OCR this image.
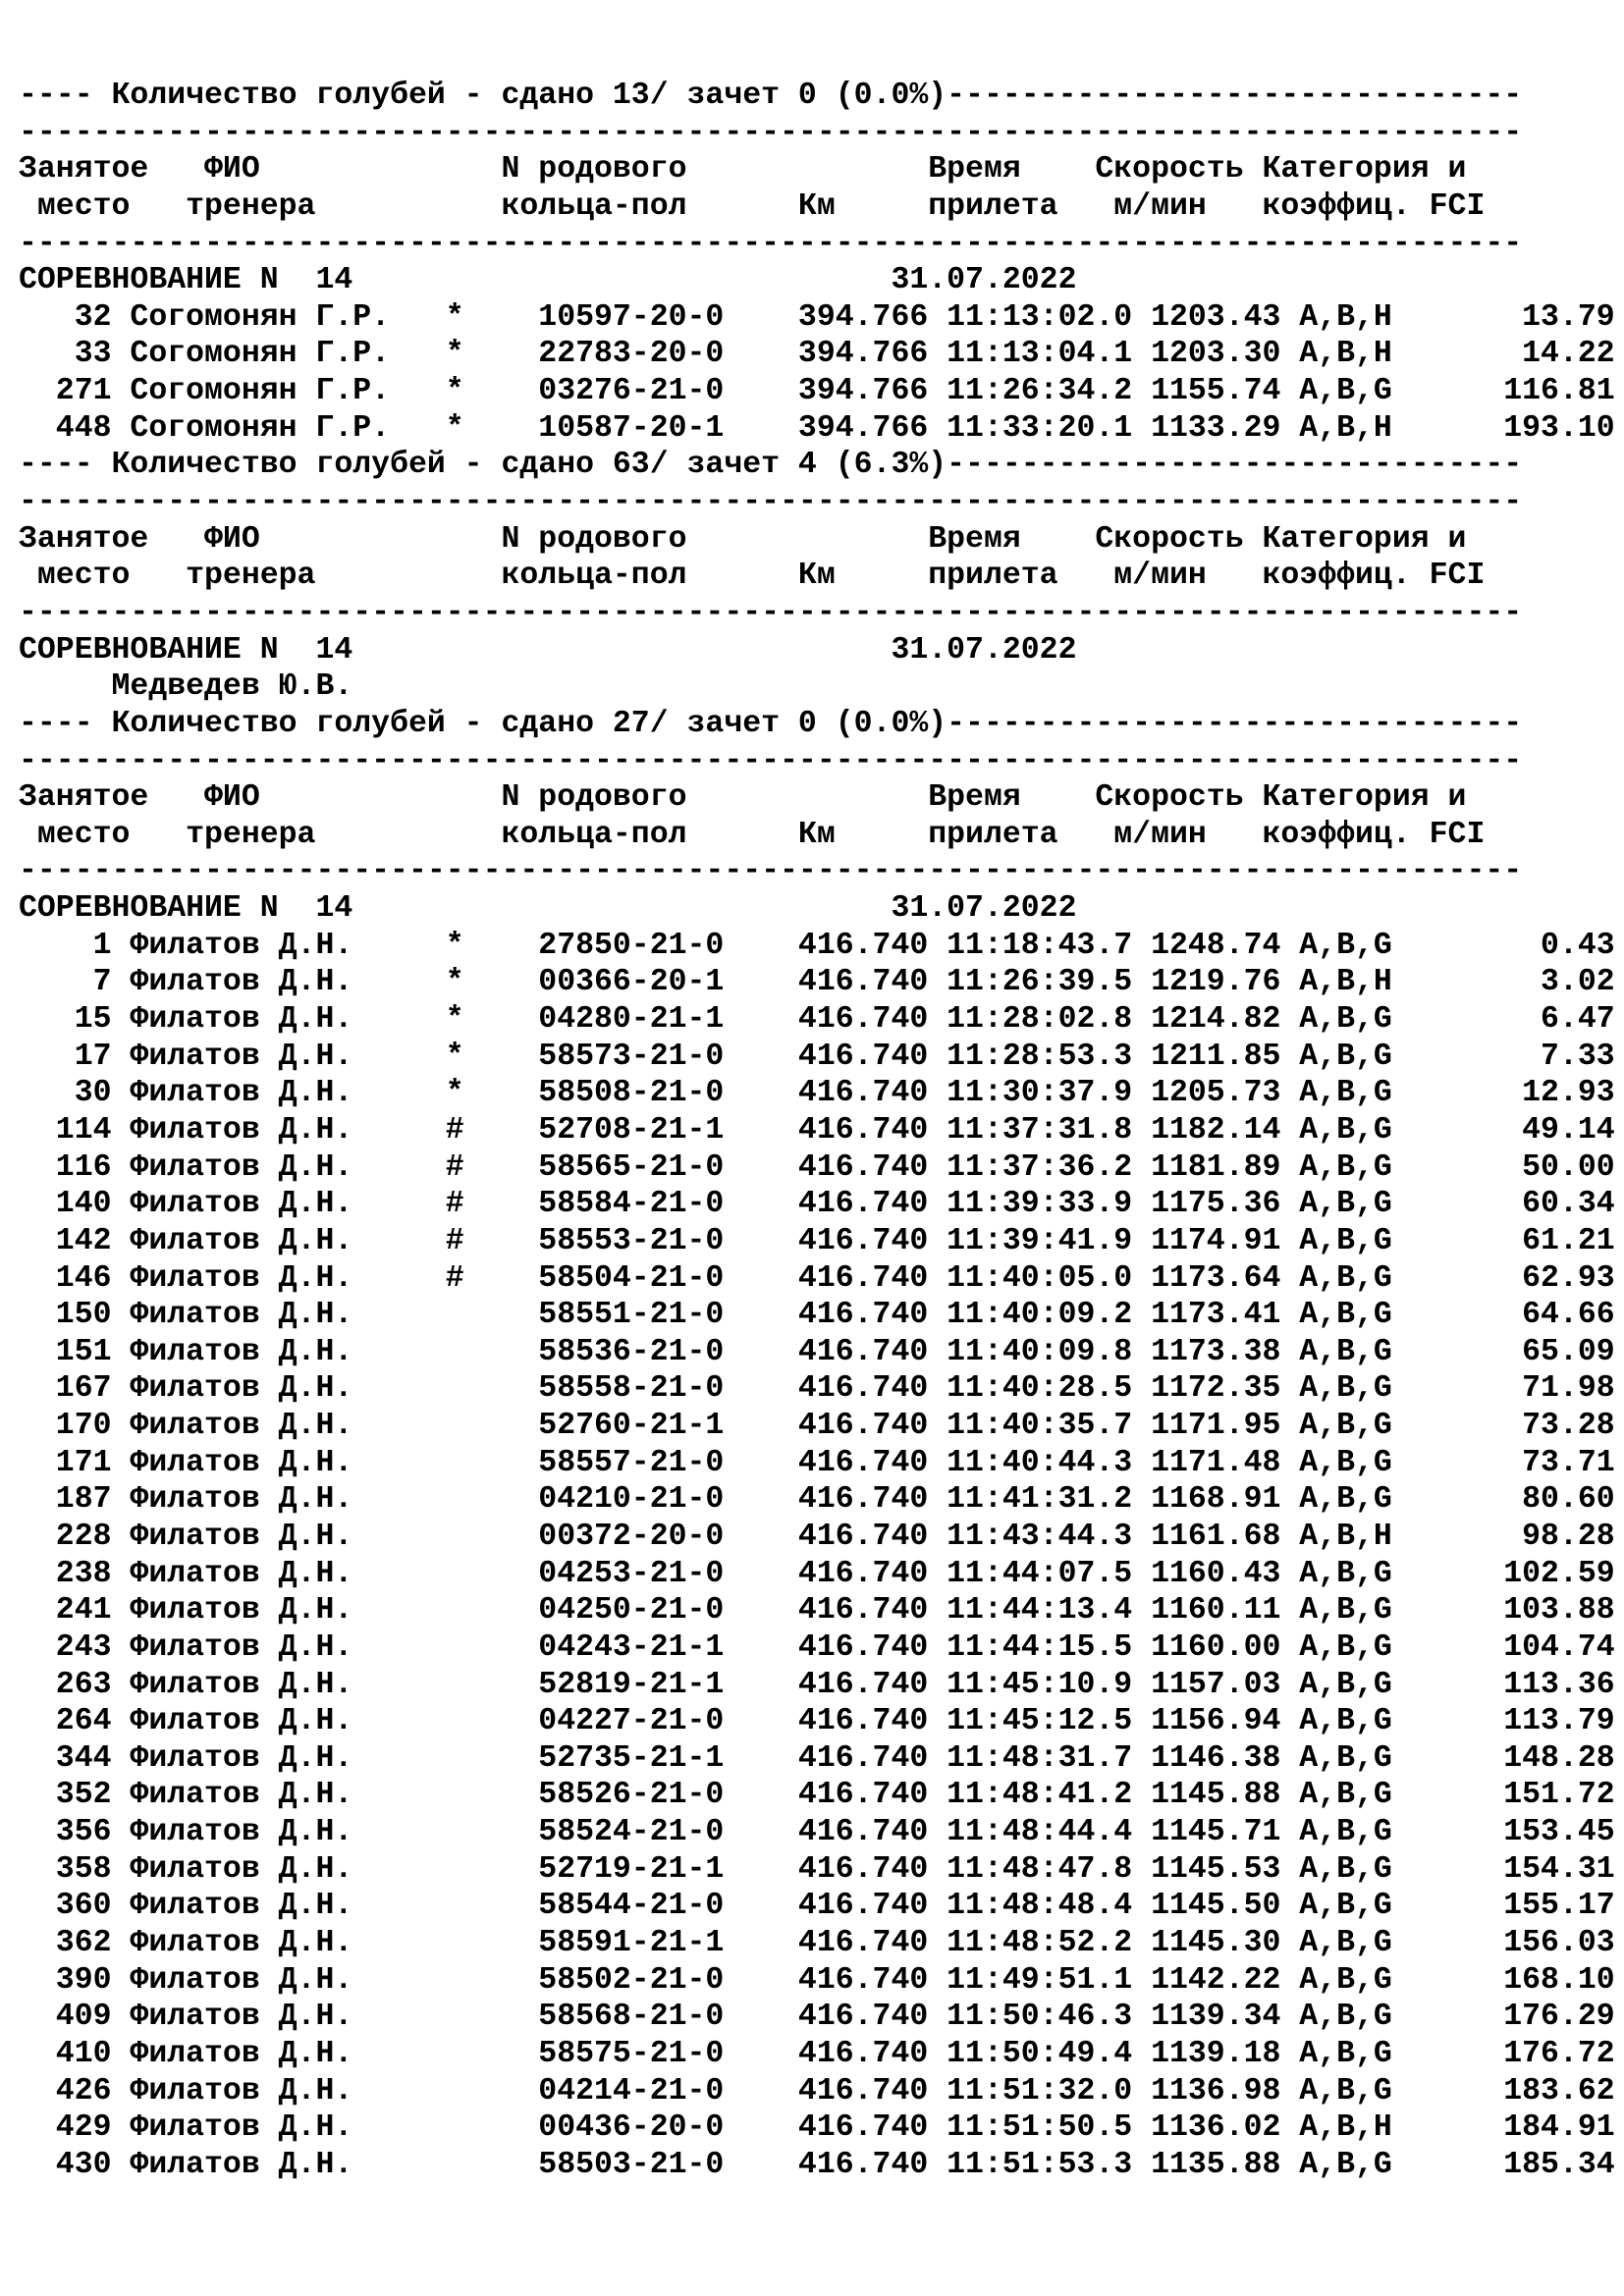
---- Количество голубей - сдано 13/ зачет 0 (0.0%)-------------------------------
---------------------------------------------------------------------------------
Занятое   ФИО             N родового             Время    Скорость Категория и
место   тренера          кольца-пол      Км     прилета   м/мин   коэффиц. FCI
---------------------------------------------------------------------------------
СОРЕВНОВАНИЕ N  14                             31.07.2022
32 Согомонян Г.Р.   *    10597-20-0    394.766 11:13:02.0 1203.43 A,B,H       13.79
33 Согомонян Г.Р.   *    22783-20-0    394.766 11:13:04.1 1203.30 A,B,H       14.22
271 Согомонян Г.Р.   *    03276-21-0    394.766 11:26:34.2 1155.74 A,B,G      116.81
448 Согомонян Г.Р.   *    10587-20-1    394.766 11:33:20.1 1133.29 A,B,H      193.10
---- Количество голубей - сдано 63/ зачет 4 (6.3%)-------------------------------
---------------------------------------------------------------------------------
Занятое   ФИО             N родового             Время    Скорость Категория и
место   тренера          кольца-пол      Км     прилета   м/мин   коэффиц. FCI
---------------------------------------------------------------------------------
СОРЕВНОВАНИЕ N  14                             31.07.2022
Медведев Ю.В.
---- Количество голубей - сдано 27/ зачет 0 (0.0%)-------------------------------
---------------------------------------------------------------------------------
Занятое   ФИО             N родового             Время    Скорость Категория и
место   тренера          кольца-пол      Км     прилета   м/мин   коэффиц. FCI
---------------------------------------------------------------------------------
СОРЕВНОВАНИЕ N  14                             31.07.2022
1 Филатов Д.Н.     *    27850-21-0    416.740 11:18:43.7 1248.74 A,B,G        0.43
7 Филатов Д.Н.     *    00366-20-1    416.740 11:26:39.5 1219.76 A,B,H        3.02
15 Филатов Д.Н.     *    04280-21-1    416.740 11:28:02.8 1214.82 A,B,G        6.47
17 Филатов Д.Н.     *    58573-21-0    416.740 11:28:53.3 1211.85 A,B,G        7.33
30 Филатов Д.Н.     *    58508-21-0    416.740 11:30:37.9 1205.73 A,B,G       12.93
114 Филатов Д.Н.     #    52708-21-1    416.740 11:37:31.8 1182.14 A,B,G       49.14
116 Филатов Д.Н.     #    58565-21-0    416.740 11:37:36.2 1181.89 A,B,G       50.00
140 Филатов Д.Н.     #    58584-21-0    416.740 11:39:33.9 1175.36 A,B,G       60.34
142 Филатов Д.Н.     #    58553-21-0    416.740 11:39:41.9 1174.91 A,B,G       61.21
146 Филатов Д.Н.     #    58504-21-0    416.740 11:40:05.0 1173.64 A,B,G       62.93
150 Филатов Д.Н.          58551-21-0    416.740 11:40:09.2 1173.41 A,B,G       64.66
151 Филатов Д.Н.          58536-21-0    416.740 11:40:09.8 1173.38 A,B,G       65.09
167 Филатов Д.Н.          58558-21-0    416.740 11:40:28.5 1172.35 A,B,G       71.98
170 Филатов Д.Н.          52760-21-1    416.740 11:40:35.7 1171.95 A,B,G       73.28
171 Филатов Д.Н.          58557-21-0    416.740 11:40:44.3 1171.48 A,B,G       73.71
187 Филатов Д.Н.          04210-21-0    416.740 11:41:31.2 1168.91 A,B,G       80.60
228 Филатов Д.Н.          00372-20-0    416.740 11:43:44.3 1161.68 A,B,H       98.28
238 Филатов Д.Н.          04253-21-0    416.740 11:44:07.5 1160.43 A,B,G      102.59
241 Филатов Д.Н.          04250-21-0    416.740 11:44:13.4 1160.11 A,B,G      103.88
243 Филатов Д.Н.          04243-21-1    416.740 11:44:15.5 1160.00 A,B,G      104.74
263 Филатов Д.Н.          52819-21-1    416.740 11:45:10.9 1157.03 A,B,G      113.36
264 Филатов Д.Н.          04227-21-0    416.740 11:45:12.5 1156.94 A,B,G      113.79
344 Филатов Д.Н.          52735-21-1    416.740 11:48:31.7 1146.38 A,B,G      148.28
352 Филатов Д.Н.          58526-21-0    416.740 11:48:41.2 1145.88 A,B,G      151.72
356 Филатов Д.Н.          58524-21-0    416.740 11:48:44.4 1145.71 A,B,G      153.45
358 Филатов Д.Н.          52719-21-1    416.740 11:48:47.8 1145.53 A,B,G      154.31
360 Филатов Д.Н.          58544-21-0    416.740 11:48:48.4 1145.50 A,B,G      155.17
362 Филатов Д.Н.          58591-21-1    416.740 11:48:52.2 1145.30 A,B,G      156.03
390 Филатов Д.Н.          58502-21-0    416.740 11:49:51.1 1142.22 A,B,G      168.10
409 Филатов Д.Н.          58568-21-0    416.740 11:50:46.3 1139.34 A,B,G      176.29
410 Филатов Д.Н.          58575-21-0    416.740 11:50:49.4 1139.18 A,B,G      176.72
426 Филатов Д.Н.          04214-21-0    416.740 11:51:32.0 1136.98 A,B,G      183.62
429 Филатов Д.Н.          00436-20-0    416.740 11:51:50.5 1136.02 A,B,H      184.91
430 Филатов Д.Н.          58503-21-0    416.740 11:51:53.3 1135.88 A,B,G      185.34
